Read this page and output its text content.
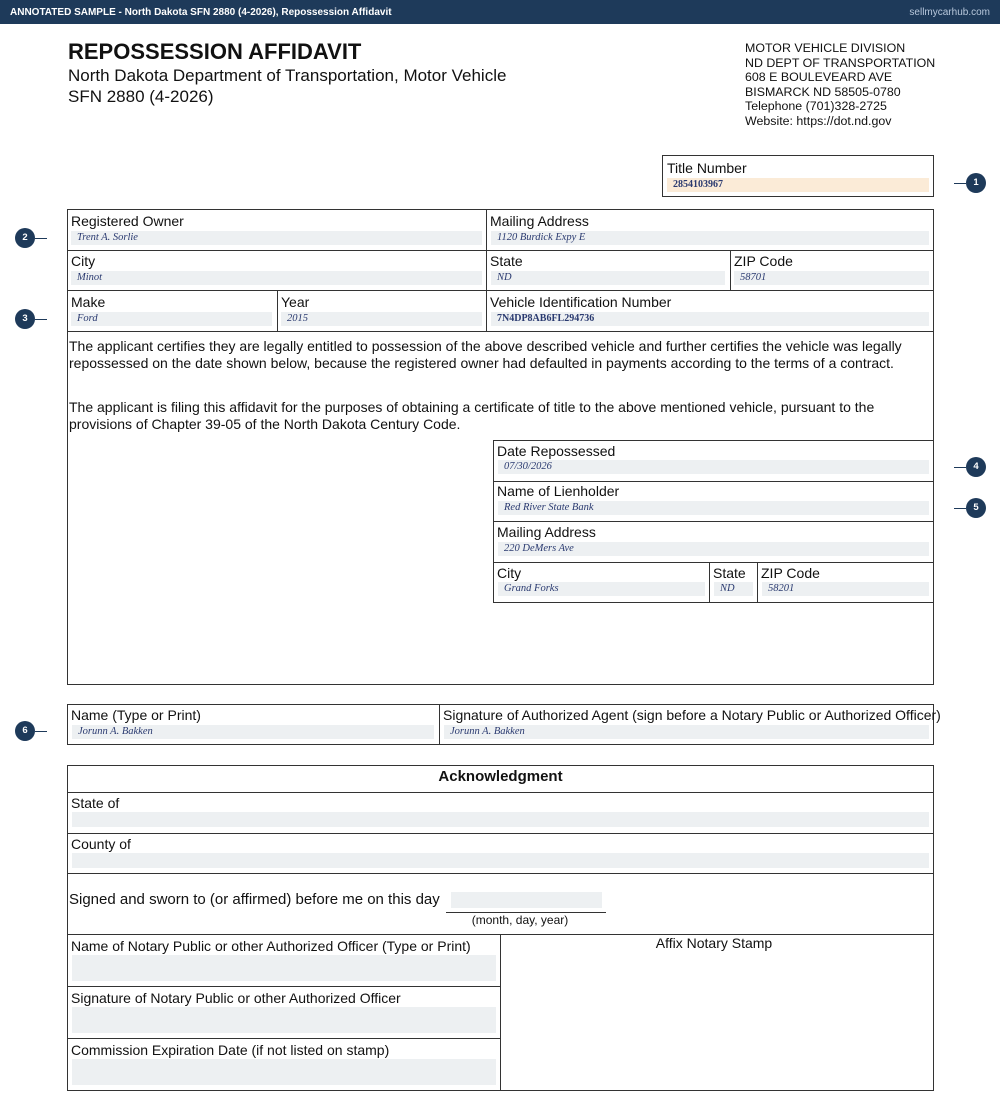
ANNOTATED SAMPLE - North Dakota SFN 2880 (4-2026), Repossession Affidavit	sellmycarhub.com
REPOSSESSION AFFIDAVIT
North Dakota Department of Transportation, Motor Vehicle
SFN 2880 (4-2026)
MOTOR VEHICLE DIVISION
ND DEPT OF TRANSPORTATION
608 E BOULEVEARD AVE
BISMARCK ND 58505-0780
Telephone (701)328-2725
Website: https://dot.nd.gov
Title Number
2854103967
Registered Owner
Trent A. Sorlie
Mailing Address
1120 Burdick Expy E
City
Minot
State
ND
ZIP Code
58701
Make
Ford
Year
2015
Vehicle Identification Number
7N4DP8AB6FL294736
The applicant certifies they are legally entitled to possession of the above described vehicle and further certifies the vehicle was legally repossessed on the date shown below, because the registered owner had defaulted in payments according to the terms of a contract.
The applicant is filing this affidavit for the purposes of obtaining a certificate of title to the above mentioned vehicle, pursuant to the provisions of Chapter 39-05 of the North Dakota Century Code.
Date Repossessed
07/30/2026
Name of Lienholder
Red River State Bank
Mailing Address
220 DeMers Ave
City
Grand Forks
State
ND
ZIP Code
58201
Name (Type or Print)
Jorunn A. Bakken
Signature of Authorized Agent (sign before a Notary Public or Authorized Officer)
Jorunn A. Bakken
Acknowledgment
State of
County of
Signed and sworn to (or affirmed) before me on this day
(month, day, year)
Name of Notary Public or other Authorized Officer (Type or Print)
Signature of Notary Public or other Authorized Officer
Commission Expiration Date (if not listed on stamp)
Affix Notary Stamp
1
2
3
4
5
6
